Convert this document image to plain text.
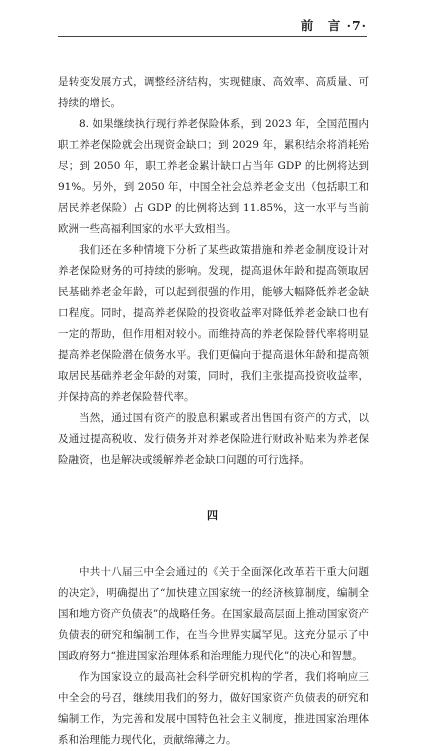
前　言 ·7·

是转变发展方式，调整经济结构，实现健康、高效率、高质量、可持续的增长。

8. 如果继续执行现行养老保险体系，到 2023 年，全国范围内职工养老保险就会出现资金缺口；到 2029 年，累积结余将消耗殆尽；到 2050 年，职工养老金累计缺口占当年 GDP 的比例将达到 91%。另外，到 2050 年，中国全社会总养老金支出（包括职工和居民养老保险）占 GDP 的比例将达到 11.85%，这一水平与当前欧洲一些高福利国家的水平大致相当。

我们还在多种情境下分析了某些政策措施和养老金制度设计对养老保险财务的可持续的影响。发现，提高退休年龄和提高领取居民基础养老金年龄，可以起到很强的作用，能够大幅降低养老金缺口程度。同时，提高养老保险的投资收益率对降低养老金缺口也有一定的帮助，但作用相对较小。而维持高的养老保险替代率将明显提高养老保险潜在债务水平。我们更偏向于提高退休年龄和提高领取居民基础养老金年龄的对策，同时，我们主张提高投资收益率，并保持高的养老保险替代率。

当然，通过国有资产的股息积累或者出售国有资产的方式，以及通过提高税收、发行债务并对养老保险进行财政补贴来为养老保险融资，也是解决或缓解养老金缺口问题的可行选择。

四

中共十八届三中全会通过的《关于全面深化改革若干重大问题的决定》，明确提出了“加快建立国家统一的经济核算制度，编制全国和地方资产负债表”的战略任务。在国家最高层面上推动国家资产负债表的研究和编制工作，在当今世界实属罕见。这充分显示了中国政府努力“推进国家治理体系和治理能力现代化”的决心和智慧。

作为国家设立的最高社会科学研究机构的学者，我们将响应三中全会的号召，继续用我们的努力，做好国家资产负债表的研究和编制工作，为完善和发展中国特色社会主义制度，推进国家治理体系和治理能力现代化，贡献绵薄之力。
